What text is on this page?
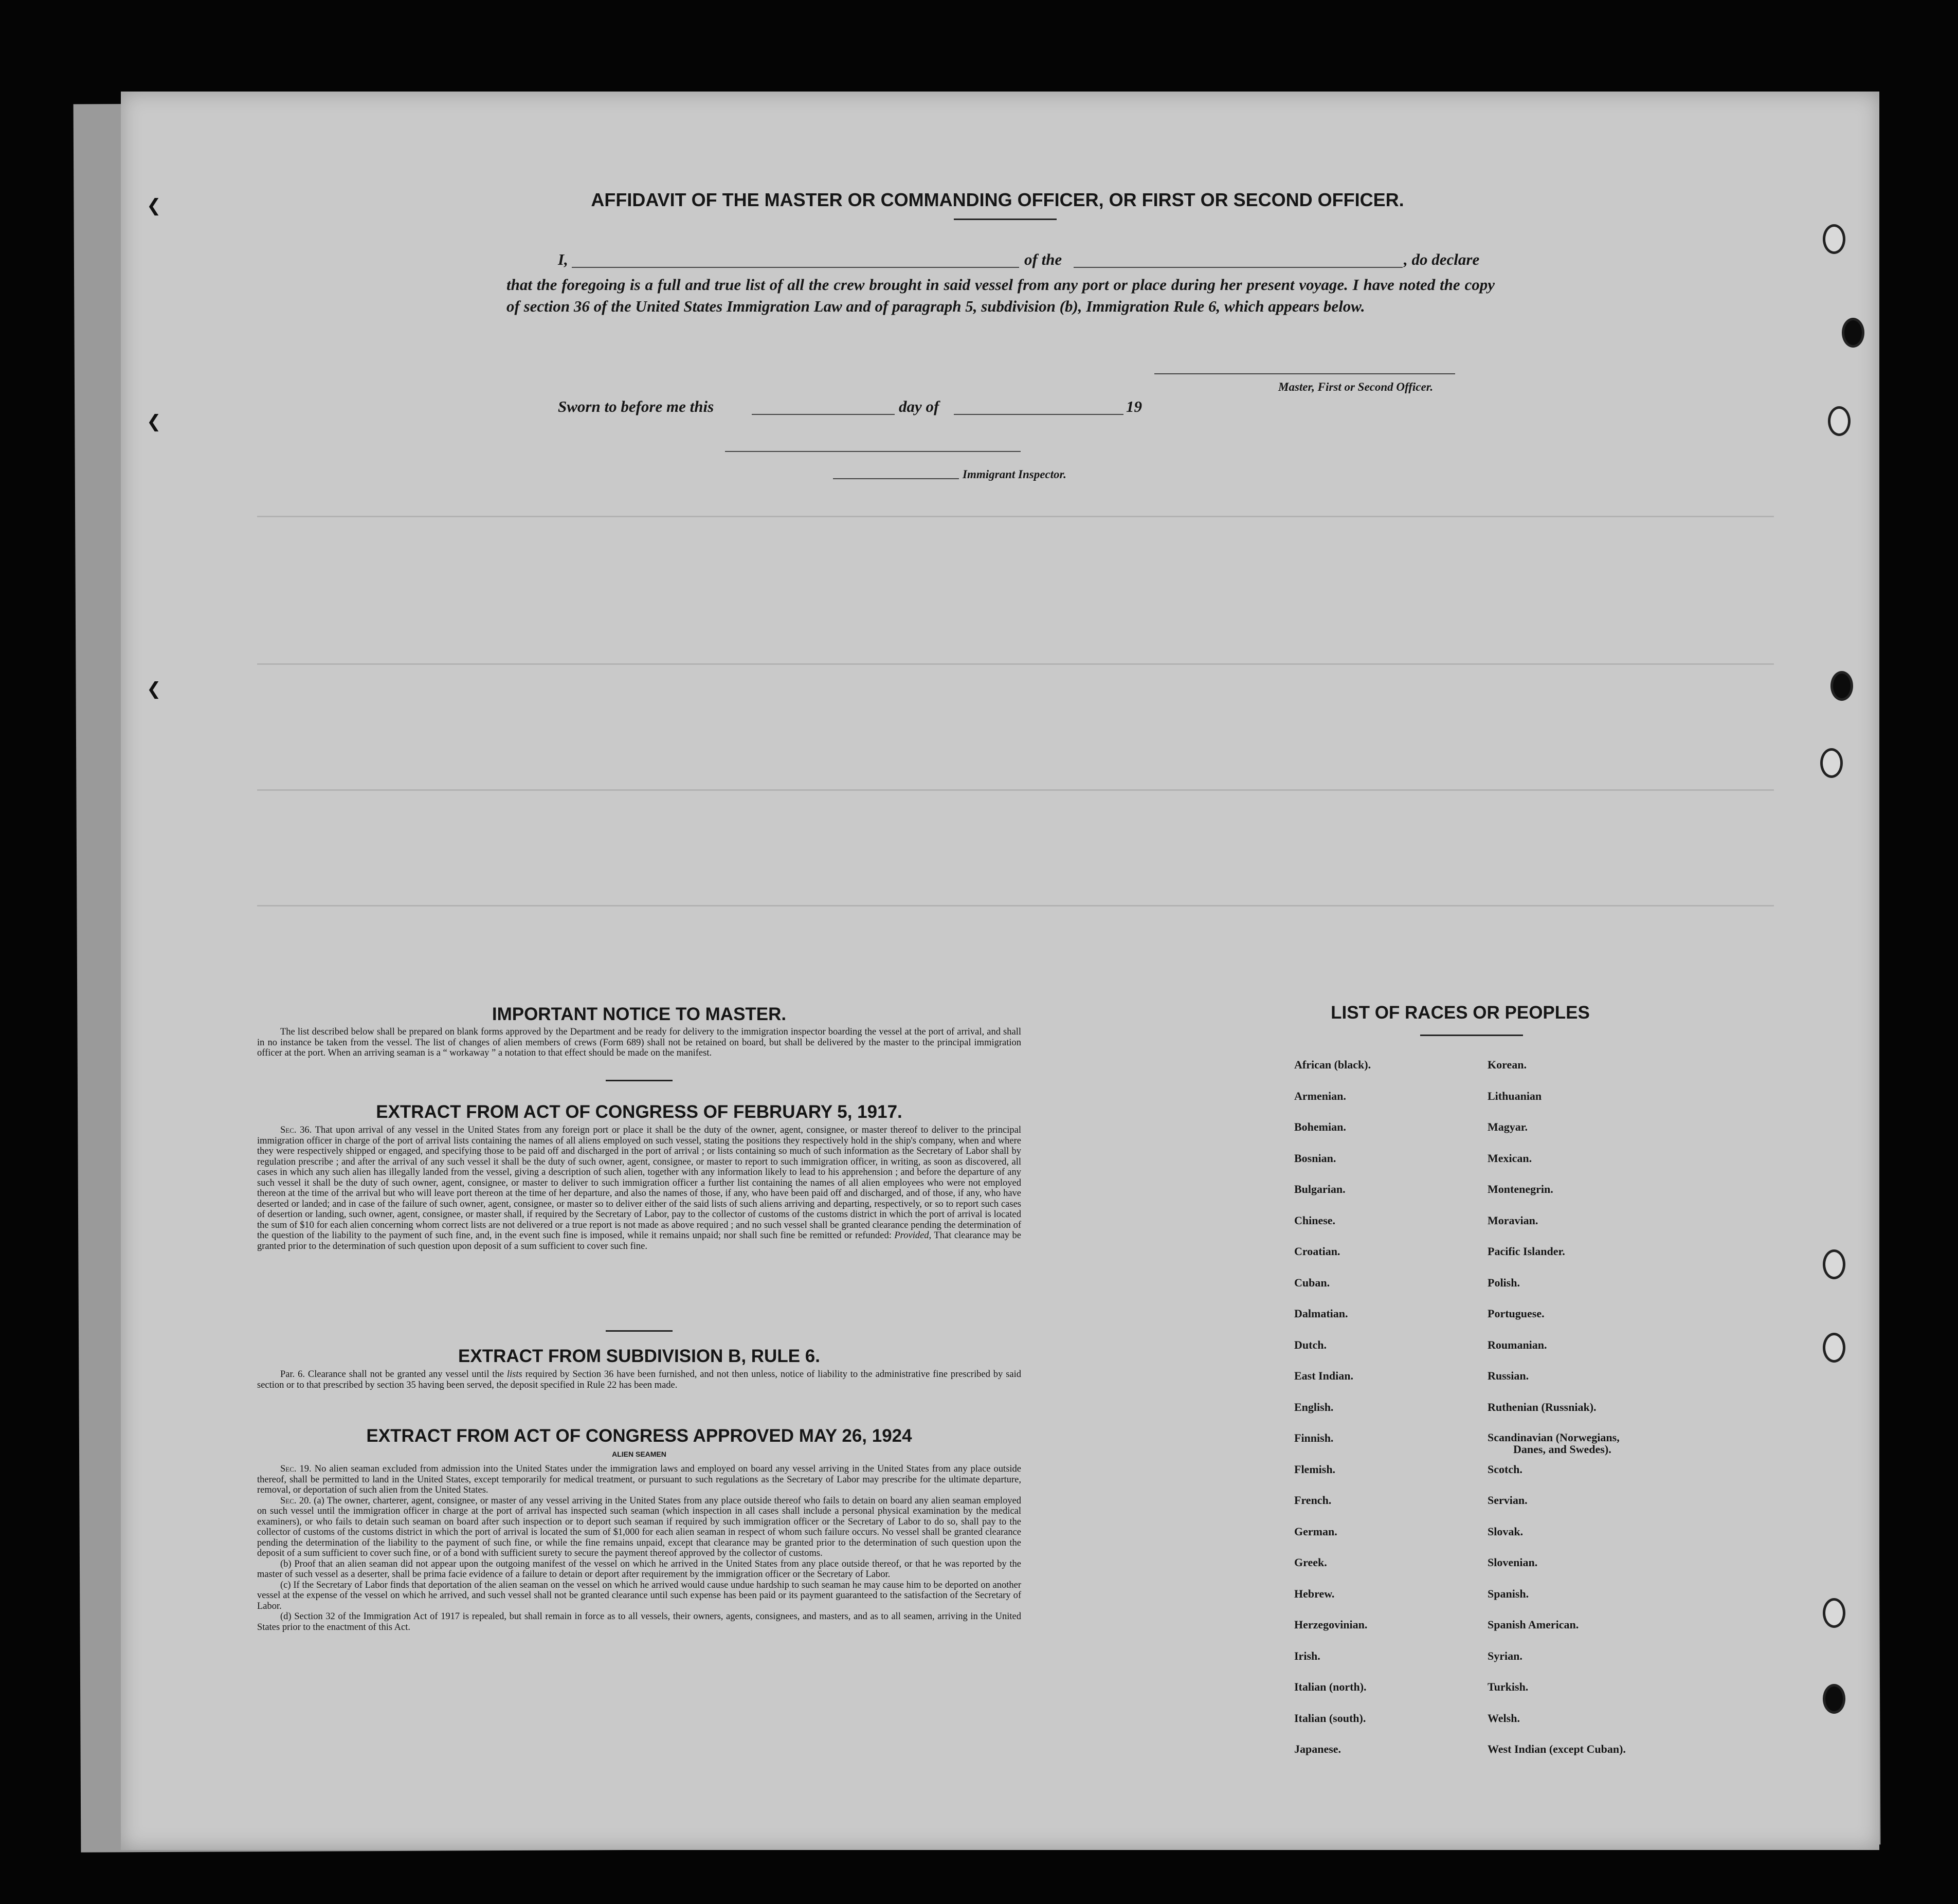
❮
❮
❮
AFFIDAVIT OF THE MASTER OR COMMANDING OFFICER, OR FIRST OR SECOND OFFICER.
I,	of the	, do declare
that the foregoing is a full and true list of all the crew brought in said vessel from any port or place during her present voyage. I have noted the copy of section 36 of the United States Immigration Law and of paragraph 5, subdivision (b), Immigration Rule 6, which appears below.
Master, First or Second Officer.
Sworn to before me this	day of	19
Immigrant Inspector.
IMPORTANT NOTICE TO MASTER.

The list described below shall be prepared on blank forms approved by the Department and be ready for delivery to the immigration inspector boarding the vessel at the port of arrival, and shall in no instance be taken from the vessel. The list of changes of alien members of crews (Form 689) shall not be retained on board, but shall be delivered by the master to the principal immigration officer at the port. When an arriving seaman is a “ workaway ” a notation to that effect should be made on the manifest.

EXTRACT FROM ACT OF CONGRESS OF FEBRUARY 5, 1917.

Sec. 36. That upon arrival of any vessel in the United States from any foreign port or place it shall be the duty of the owner, agent, consignee, or master thereof to deliver to the principal immigration officer in charge of the port of arrival lists containing the names of all aliens employed on such vessel, stating the positions they respectively hold in the ship's company, when and where they were respectively shipped or engaged, and specifying those to be paid off and discharged in the port of arrival ; or lists containing so much of such information as the Secretary of Labor shall by regulation prescribe ; and after the arrival of any such vessel it shall be the duty of such owner, agent, consignee, or master to report to such immigration officer, in writing, as soon as discovered, all cases in which any such alien has illegally landed from the vessel, giving a description of such alien, together with any information likely to lead to his apprehension ; and before the departure of any such vessel it shall be the duty of such owner, agent, consignee, or master to deliver to such immigration officer a further list containing the names of all alien employees who were not employed thereon at the time of the arrival but who will leave port thereon at the time of her departure, and also the names of those, if any, who have been paid off and discharged, and of those, if any, who have deserted or landed; and in case of the failure of such owner, agent, consignee, or master so to deliver either of the said lists of such aliens arriving and departing, respectively, or so to report such cases of desertion or landing, such owner, agent, consignee, or master shall, if required by the Secretary of Labor, pay to the collector of customs of the customs district in which the port of arrival is located the sum of $10 for each alien concerning whom correct lists are not delivered or a true report is not made as above required ; and no such vessel shall be granted clearance pending the determination of the question of the liability to the payment of such fine, and, in the event such fine is imposed, while it remains unpaid; nor shall such fine be remitted or refunded: Provided, That clearance may be granted prior to the determination of such question upon deposit of a sum sufficient to cover such fine.

EXTRACT FROM SUBDIVISION B, RULE 6.

Par. 6. Clearance shall not be granted any vessel until the lists required by Section 36 have been furnished, and not then unless, notice of liability to the administrative fine prescribed by said section or to that prescribed by section 35 having been served, the deposit specified in Rule 22 has been made.

EXTRACT FROM ACT OF CONGRESS APPROVED MAY 26, 1924
ALIEN SEAMEN

Sec. 19. No alien seaman excluded from admission into the United States under the immigration laws and employed on board any vessel arriving in the United States from any place outside thereof, shall be permitted to land in the United States, except temporarily for medical treatment, or pursuant to such regulations as the Secretary of Labor may prescribe for the ultimate departure, removal, or deportation of such alien from the United States.

Sec. 20. (a) The owner, charterer, agent, consignee, or master of any vessel arriving in the United States from any place outside thereof who fails to detain on board any alien seaman employed on such vessel until the immigration officer in charge at the port of arrival has inspected such seaman (which inspection in all cases shall include a personal physical examination by the medical examiners), or who fails to detain such seaman on board after such inspection or to deport such seaman if required by such immigration officer or the Secretary of Labor to do so, shall pay to the collector of customs of the customs district in which the port of arrival is located the sum of $1,000 for each alien seaman in respect of whom such failure occurs. No vessel shall be granted clearance pending the determination of the liability to the payment of such fine, or while the fine remains unpaid, except that clearance may be granted prior to the determination of such question upon the deposit of a sum sufficient to cover such fine, or of a bond with sufficient surety to secure the payment thereof approved by the collector of customs.

(b) Proof that an alien seaman did not appear upon the outgoing manifest of the vessel on which he arrived in the United States from any place outside thereof, or that he was reported by the master of such vessel as a deserter, shall be prima facie evidence of a failure to detain or deport after requirement by the immigration officer or the Secretary of Labor.

(c) If the Secretary of Labor finds that deportation of the alien seaman on the vessel on which he arrived would cause undue hardship to such seaman he may cause him to be deported on another vessel at the expense of the vessel on which he arrived, and such vessel shall not be granted clearance until such expense has been paid or its payment guaranteed to the satisfaction of the Secretary of Labor.

(d) Section 32 of the Immigration Act of 1917 is repealed, but shall remain in force as to all vessels, their owners, agents, consignees, and masters, and as to all seamen, arriving in the United States prior to the enactment of this Act.

LIST OF RACES OR PEOPLES
African (black).
Armenian.
Bohemian.
Bosnian.
Bulgarian.
Chinese.
Croatian.
Cuban.
Dalmatian.
Dutch.
East Indian.
English.
Finnish.
Flemish.
French.
German.
Greek.
Hebrew.
Herzegovinian.
Irish.
Italian (north).
Italian (south).
Japanese.
Korean.
Lithuanian
Magyar.
Mexican.
Montenegrin.
Moravian.
Pacific Islander.
Polish.
Portuguese.
Roumanian.
Russian.
Ruthenian (Russniak).
Scandinavian (Norwegians,
Danes, and Swedes).
Scotch.
Servian.
Slovak.
Slovenian.
Spanish.
Spanish American.
Syrian.
Turkish.
Welsh.
West Indian (except Cuban).
